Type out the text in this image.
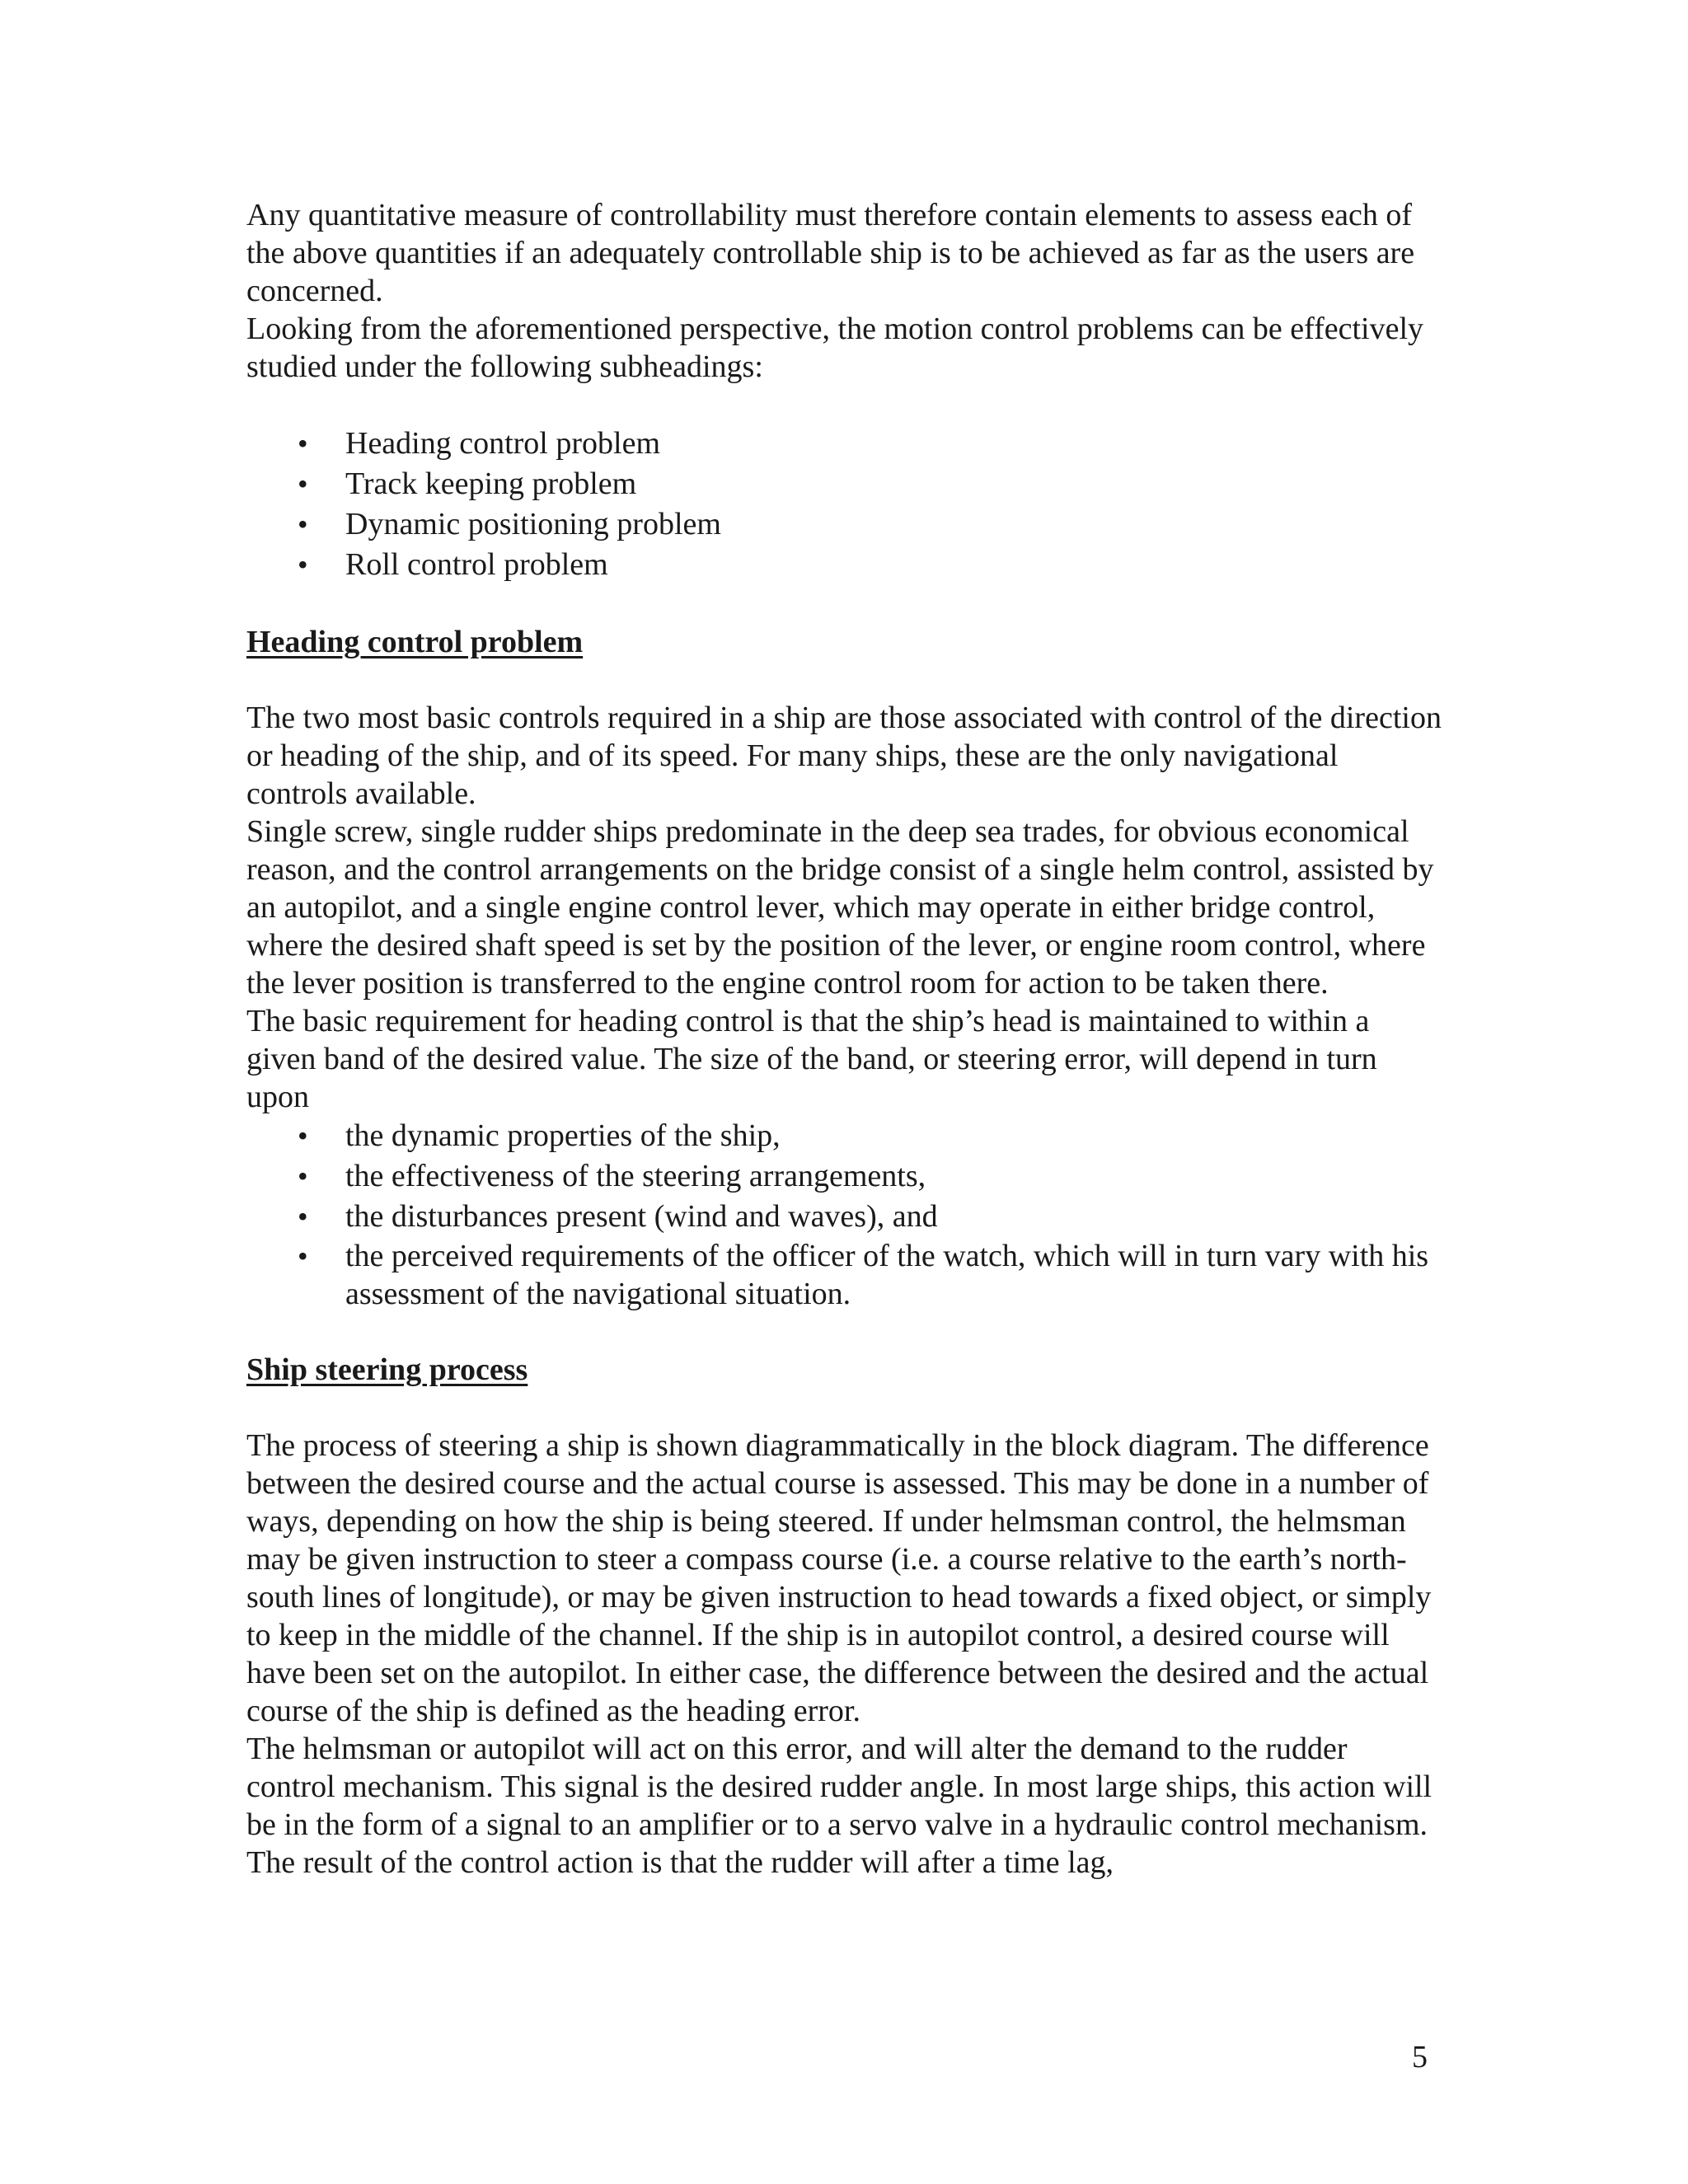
Any quantitative measure of controllability must therefore contain elements to assess each of the above quantities if an adequately controllable ship is to be achieved as far as the users are concerned.

Looking from the aforementioned perspective, the motion control problems can be effectively studied under the following subheadings:

• Heading control problem
• Track keeping problem
• Dynamic positioning problem
• Roll control problem

Heading control problem

The two most basic controls required in a ship are those associated with control of the direction or heading of the ship, and of its speed. For many ships, these are the only navigational controls available.

Single screw, single rudder ships predominate in the deep sea trades, for obvious economical reason, and the control arrangements on the bridge consist of a single helm control, assisted by an autopilot, and a single engine control lever, which may operate in either bridge control, where the desired shaft speed is set by the position of the lever, or engine room control, where the lever position is transferred to the engine control room for action to be taken there.

The basic requirement for heading control is that the ship’s head is maintained to within a given band of the desired value. The size of the band, or steering error, will depend in turn upon

• the dynamic properties of the ship,
• the effectiveness of the steering arrangements,
• the disturbances present (wind and waves), and
• the perceived requirements of the officer of the watch, which will in turn vary with his assessment of the navigational situation.

Ship steering process

The process of steering a ship is shown diagrammatically in the block diagram. The difference between the desired course and the actual course is assessed. This may be done in a number of ways, depending on how the ship is being steered. If under helmsman control, the helmsman may be given instruction to steer a compass course (i.e. a course relative to the earth’s north-south lines of longitude), or may be given instruction to head towards a fixed object, or simply to keep in the middle of the channel. If the ship is in autopilot control, a desired course will have been set on the autopilot. In either case, the difference between the desired and the actual course of the ship is defined as the heading error.

The helmsman or autopilot will act on this error, and will alter the demand to the rudder control mechanism. This signal is the desired rudder angle. In most large ships, this action will be in the form of a signal to an amplifier or to a servo valve in a hydraulic control mechanism. The result of the control action is that the rudder will after a time lag,

5
